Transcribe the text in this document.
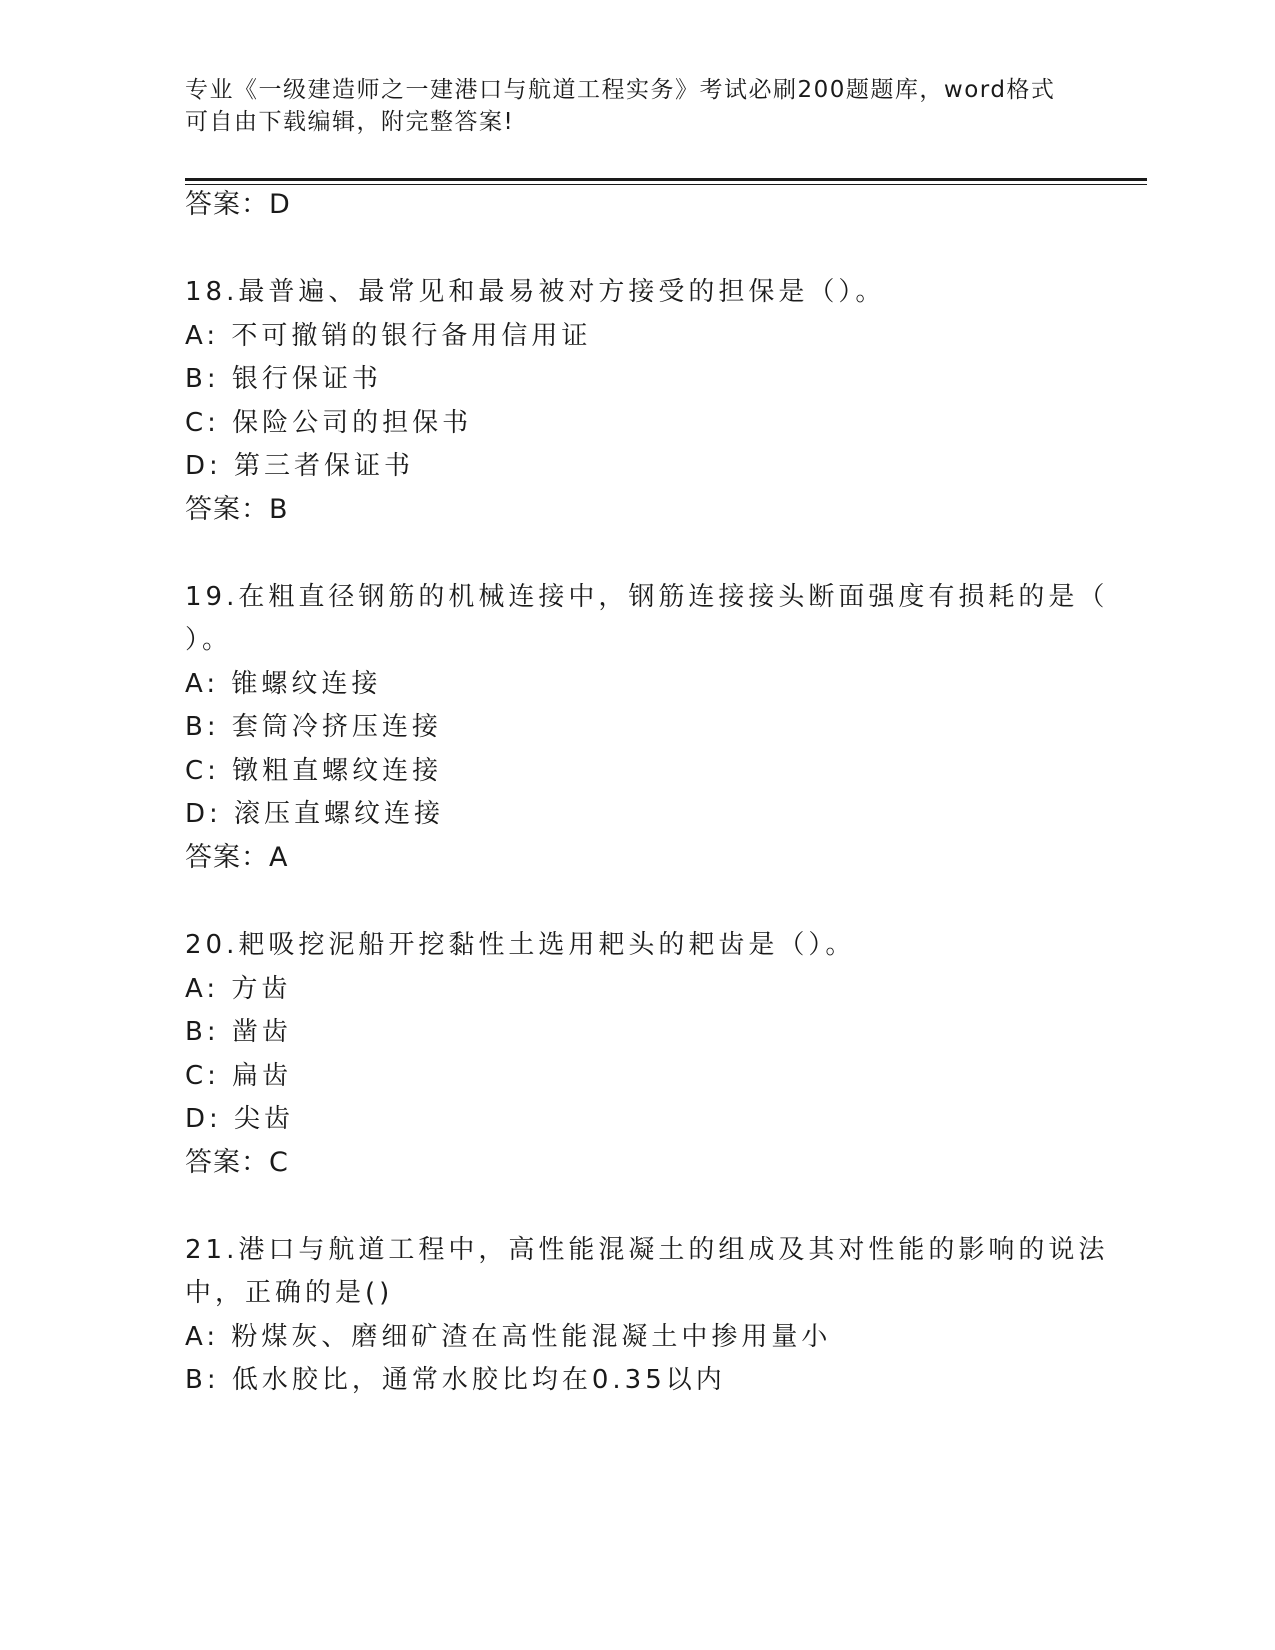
专业《一级建造师之一建港口与航道工程实务》考试必刷200题题库，word格式
可自由下载编辑，附完整答案!
答案：D
18.最普遍、最常见和最易被对方接受的担保是（）。
A: 不可撤销的银行备用信用证
B: 银行保证书
C: 保险公司的担保书
D: 第三者保证书
答案：B
19.在粗直径钢筋的机械连接中，钢筋连接接头断面强度有损耗的是（
）。
A: 锥螺纹连接
B: 套筒冷挤压连接
C: 镦粗直螺纹连接
D: 滚压直螺纹连接
答案：A
20.耙吸挖泥船开挖黏性土选用耙头的耙齿是（）。
A: 方齿
B: 凿齿
C: 扁齿
D: 尖齿
答案：C
21.港口与航道工程中，高性能混凝土的组成及其对性能的影响的说法
中，正确的是()
A: 粉煤灰、磨细矿渣在高性能混凝土中掺用量小
B: 低水胶比，通常水胶比均在0.35以内
